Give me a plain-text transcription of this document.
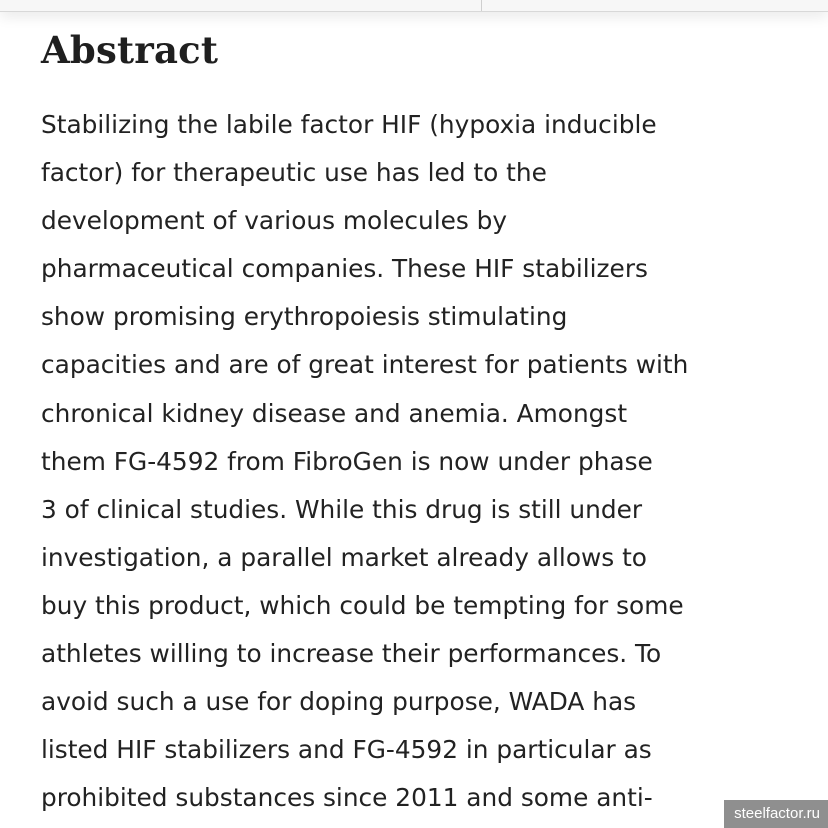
Abstract
Stabilizing the labile factor HIF (hypoxia inducible
factor) for therapeutic use has led to the
development of various molecules by
pharmaceutical companies. These HIF stabilizers
show promising erythropoiesis stimulating
capacities and are of great interest for patients with
chronical kidney disease and anemia. Amongst
them FG-4592 from FibroGen is now under phase
3 of clinical studies. While this drug is still under
investigation, a parallel market already allows to
buy this product, which could be tempting for some
athletes willing to increase their performances. To
avoid such a use for doping purpose, WADA has
listed HIF stabilizers and FG-4592 in particular as
prohibited substances since 2011 and some anti-
steelfactor.ru
